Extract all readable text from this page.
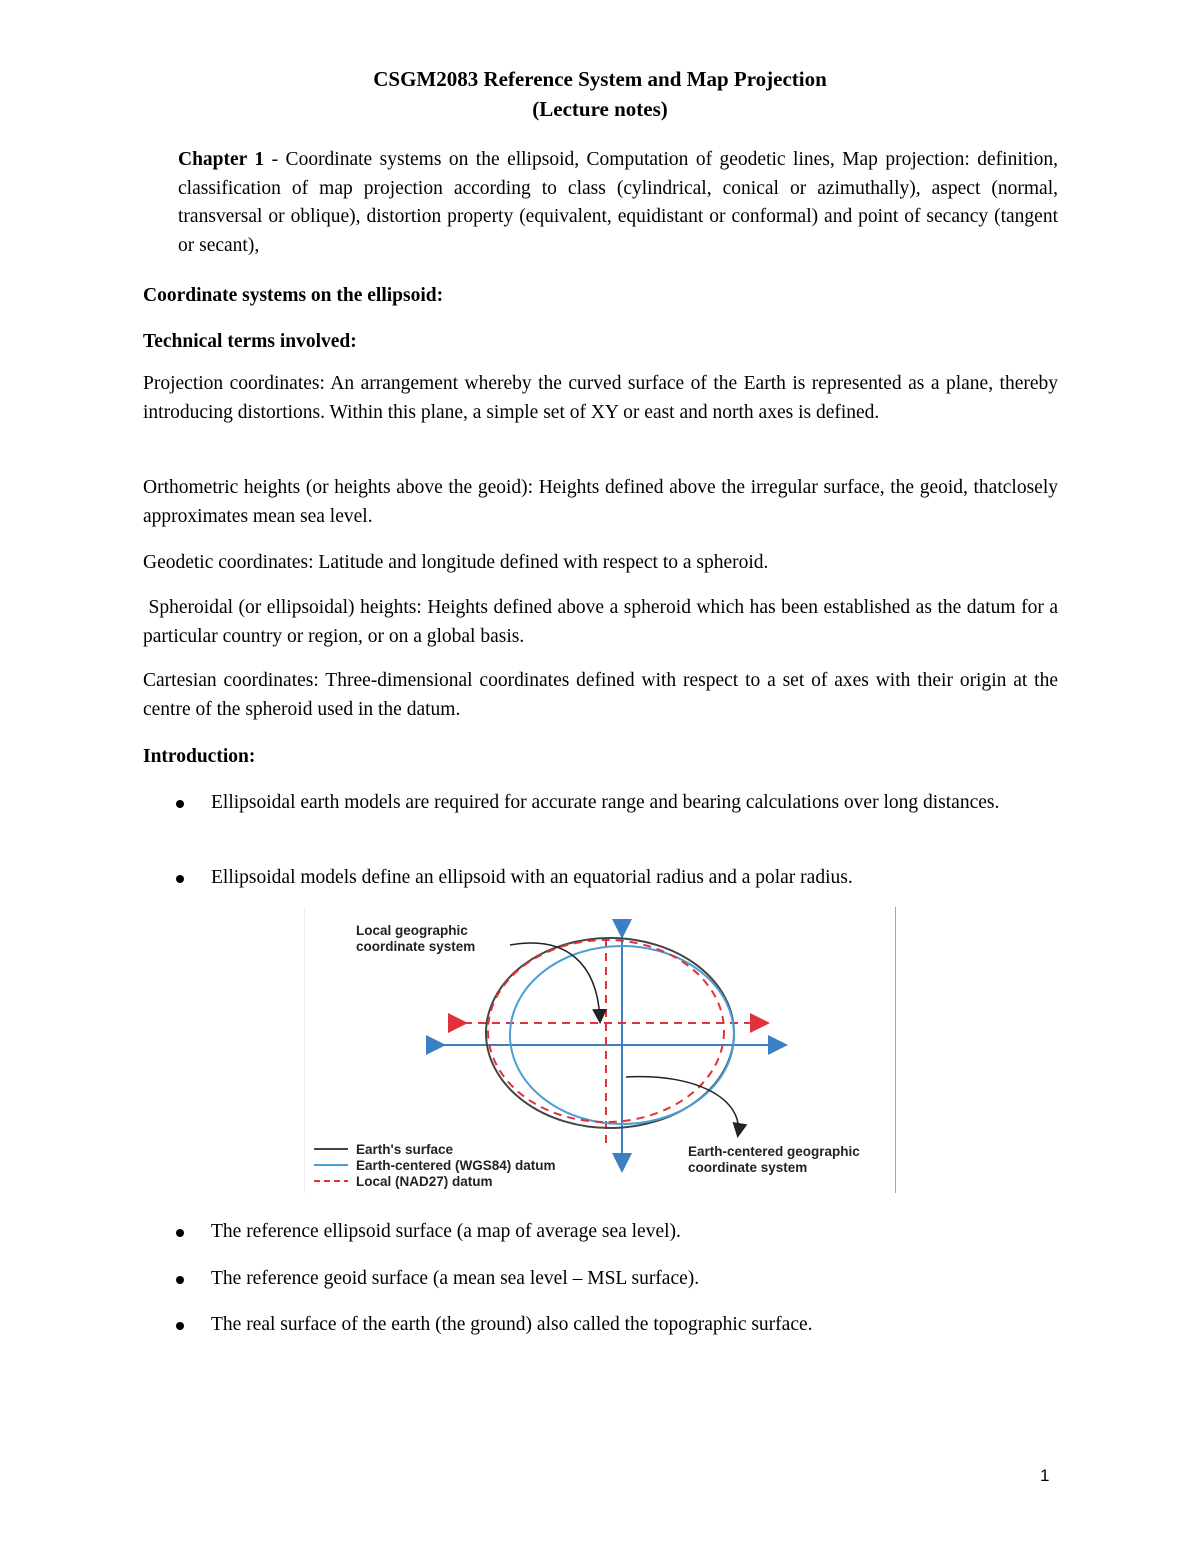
CSGM2083 Reference System and Map Projection
(Lecture notes)
Chapter 1 - Coordinate systems on the ellipsoid, Computation of geodetic lines, Map projection: definition, classification of map projection according to class (cylindrical, conical or azimuthally), aspect (normal, transversal or oblique), distortion property (equivalent, equidistant or conformal) and point of secancy (tangent or secant),
Coordinate systems on the ellipsoid:
Technical terms involved:
Projection coordinates: An arrangement whereby the curved surface of the Earth is represented as a plane, thereby introducing distortions. Within this plane, a simple set of XY or east and north axes is defined.
Orthometric heights (or heights above the geoid): Heights defined above the irregular surface, the geoid, thatclosely approximates mean sea level.
Geodetic coordinates: Latitude and longitude defined with respect to a spheroid.
Spheroidal (or ellipsoidal) heights: Heights defined above a spheroid which has been established as the datum for a particular country or region, or on a global basis.
Cartesian coordinates: Three-dimensional coordinates defined with respect to a set of axes with their origin at the centre of the spheroid used in the datum.
Introduction:
Ellipsoidal earth models are required for accurate range and bearing calculations over long distances.
Ellipsoidal models define an ellipsoid with an equatorial radius and a polar radius.
Local geographic
coordinate system
Earth-centered geographic
coordinate system
Earth's surface
Earth-centered (WGS84) datum
Local (NAD27) datum
The reference ellipsoid surface (a map of average sea level).
The reference geoid surface (a mean sea level – MSL surface).
The real surface of the earth (the ground) also called the topographic surface.
1
